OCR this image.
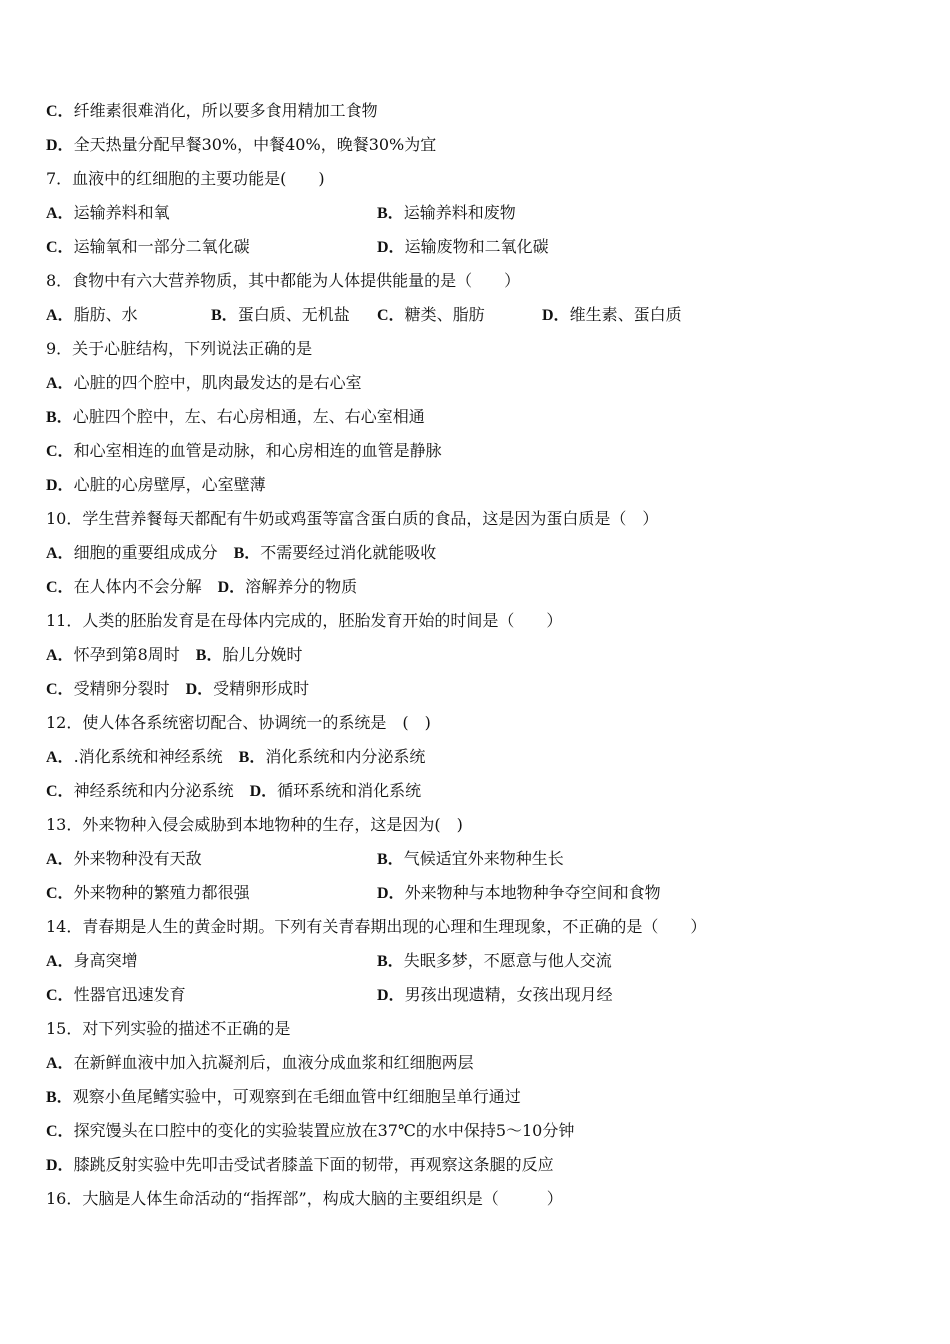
C．纤维素很难消化，所以要多食用精加工食物
D．全天热量分配早餐30%，中餐40%，晚餐30%为宜
7．血液中的红细胞的主要功能是(　　)
A．运输养料和氧	B．运输养料和废物
C．运输氧和一部分二氧化碳	D．运输废物和二氧化碳
8．食物中有六大营养物质，其中都能为人体提供能量的是（　　）
A．脂肪、水	B．蛋白质、无机盐 C．糖类、脂肪	D．维生素、蛋白质
9．关于心脏结构，下列说法正确的是
A．心脏的四个腔中，肌肉最发达的是右心室
B．心脏四个腔中，左、右心房相通，左、右心室相通
C．和心室相连的血管是动脉，和心房相连的血管是静脉
D．心脏的心房壁厚，心室壁薄
10．学生营养餐每天都配有牛奶或鸡蛋等富含蛋白质的食品，这是因为蛋白质是（　）
A．细胞的重要组成成分　 B．不需要经过消化就能吸收
C．在人体内不会分解　 D．溶解养分的物质
11．人类的胚胎发育是在母体内完成的，胚胎发育开始的时间是（　　）
A．怀孕到第8周时　 B．胎儿分娩时
C．受精卵分裂时　 D．受精卵形成时
12．使人体各系统密切配合、协调统一的系统是　(　)
A．.消化系统和神经系统　 B．消化系统和内分泌系统
C．神经系统和内分泌系统　 D．循环系统和消化系统
13．外来物种入侵会威胁到本地物种的生存，这是因为(　)
A．外来物种没有天敌	B．气候适宜外来物种生长
C．外来物种的繁殖力都很强	D．外来物种与本地物种争夺空间和食物
14．青春期是人生的黄金时期。下列有关青春期出现的心理和生理现象，不正确的是（　　）
A．身高突增	B．失眠多梦，不愿意与他人交流
C．性器官迅速发育	D．男孩出现遗精，女孩出现月经
15．对下列实验的描述不正确的是
A．在新鲜血液中加入抗凝剂后，血液分成血浆和红细胞两层
B．观察小鱼尾鳍实验中，可观察到在毛细血管中红细胞呈单行通过
C．探究馒头在口腔中的变化的实验装置应放在37℃的水中保持5～10分钟
D．膝跳反射实验中先叩击受试者膝盖下面的韧带，再观察这条腿的反应
16．大脑是人体生命活动的“指挥部”，构成大脑的主要组织是（　　　）
